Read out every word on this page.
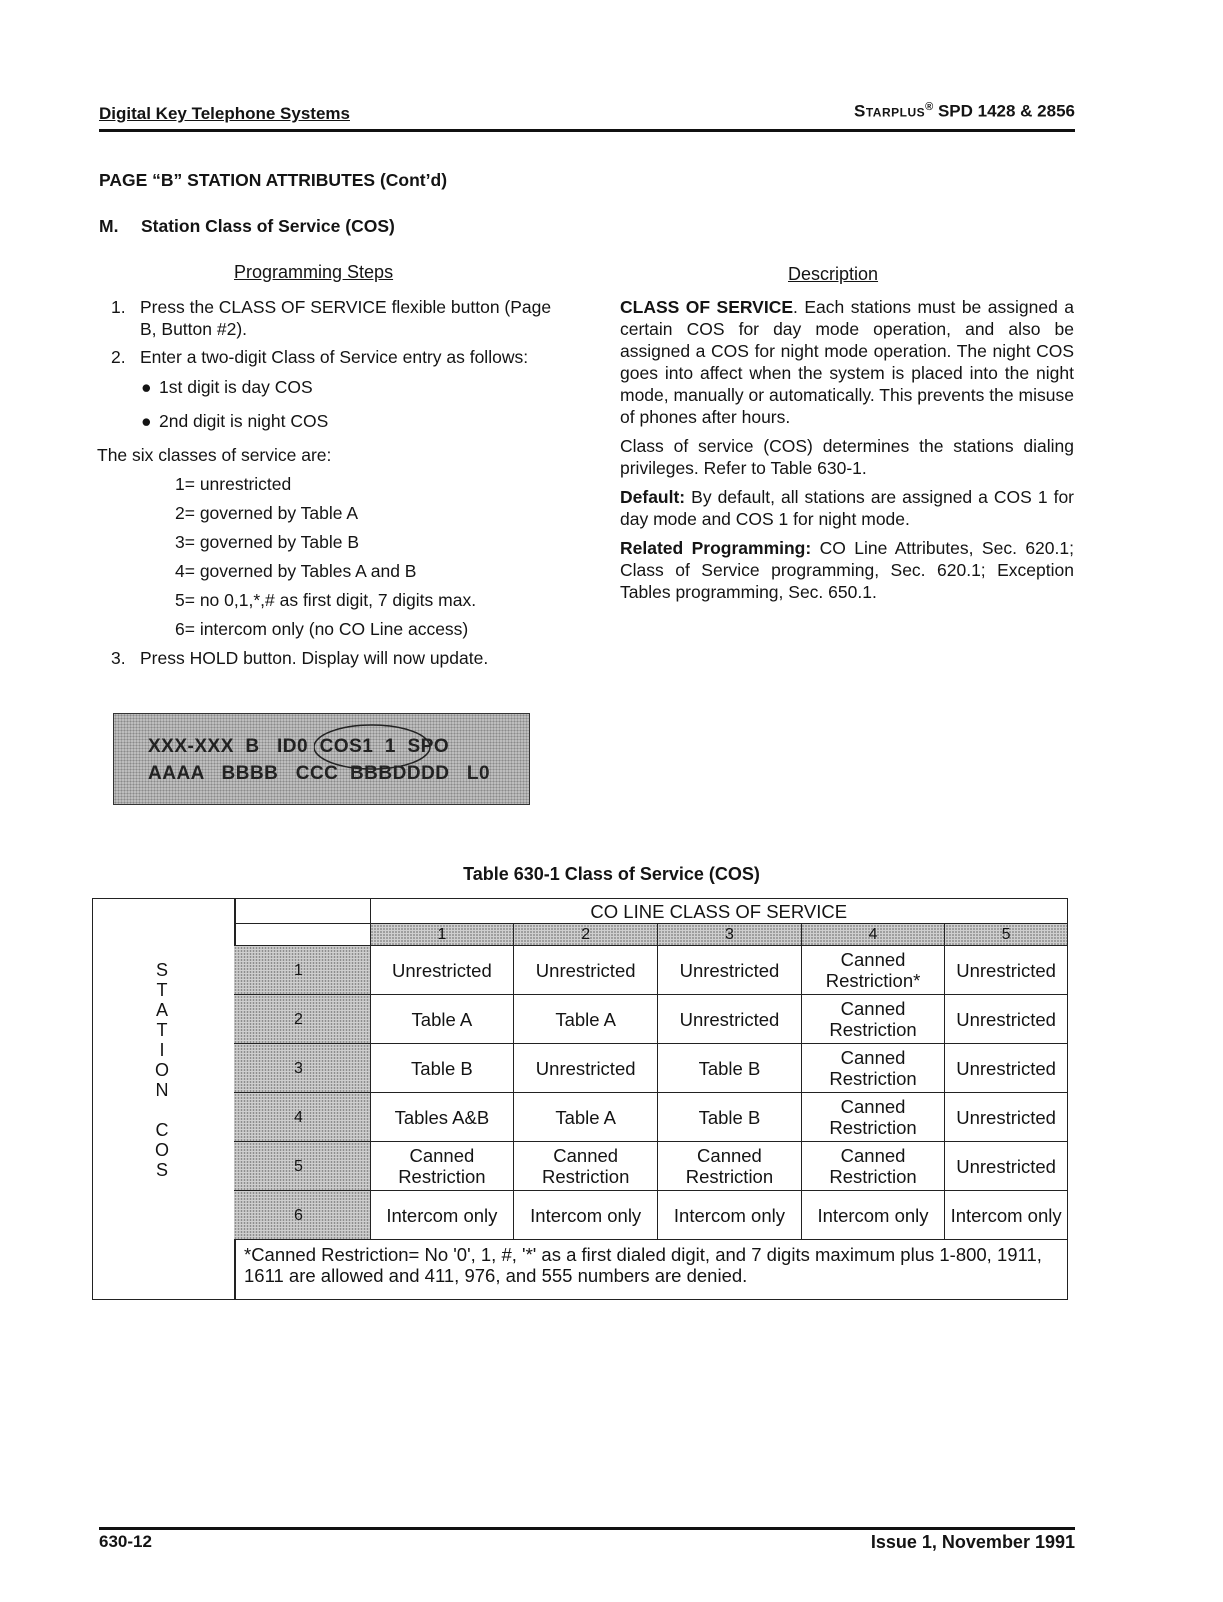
Digital Key Telephone Systems	Starplus® SPD 1428 & 2856
PAGE “B” STATION ATTRIBUTES (Cont’d)
M. Station Class of Service (COS)
Programming Steps	Description
1. Press the CLASS OF SERVICE flexible button (Page B, Button #2).
2. Enter a two-digit Class of Service entry as follows:
● 1st digit is day COS
● 2nd digit is night COS
The six classes of service are:
1= unrestricted
2= governed by Table A
3= governed by Table B
4= governed by Tables A and B
5= no 0,1,*,# as first digit, 7 digits max.
6= intercom only (no CO Line access)
3. Press HOLD button. Display will now update.

CLASS OF SERVICE. Each stations must be assigned a certain COS for day mode operation, and also be assigned a COS for night mode operation. The night COS goes into affect when the system is placed into the night mode, manually or automatically. This prevents the misuse of phones after hours.

Class of service (COS) determines the stations dialing privileges. Refer to Table 630-1.

Default: By default, all stations are assigned a COS 1 for day mode and COS 1 for night mode.

Related Programming: CO Line Attributes, Sec. 620.1; Class of Service programming, Sec. 620.1; Exception Tables programming, Sec. 650.1.

XXX-XXX  B   ID0  COS1  1  SPO
AAAA   BBBB   CCC  BBBDDDD   L0
Table 630-1 Class of Service (COS)
S
T
A
T
I
O
N
C
O
S
	CO LINE CLASS OF SERVICE				
	1	2	3	4	5
1	Unrestricted	Unrestricted	Unrestricted	Canned Restriction*	Unrestricted
2	Table A	Table A	Unrestricted	Canned Restriction	Unrestricted
3	Table B	Unrestricted	Table B	Canned Restriction	Unrestricted
4	Tables A&B	Table A	Table B	Canned Restriction	Unrestricted
5	Canned Restriction	Canned Restriction	Canned Restriction	Canned Restriction	Unrestricted
6	Intercom only	Intercom only	Intercom only	Intercom only	Intercom only
*Canned Restriction= No '0', 1, #, '*' as a first dialed digit, and 7 digits maximum plus 1-800, 1911, 1611 are allowed and 411, 976, and 555 numbers are denied.					
630-12	Issue 1, November 1991
